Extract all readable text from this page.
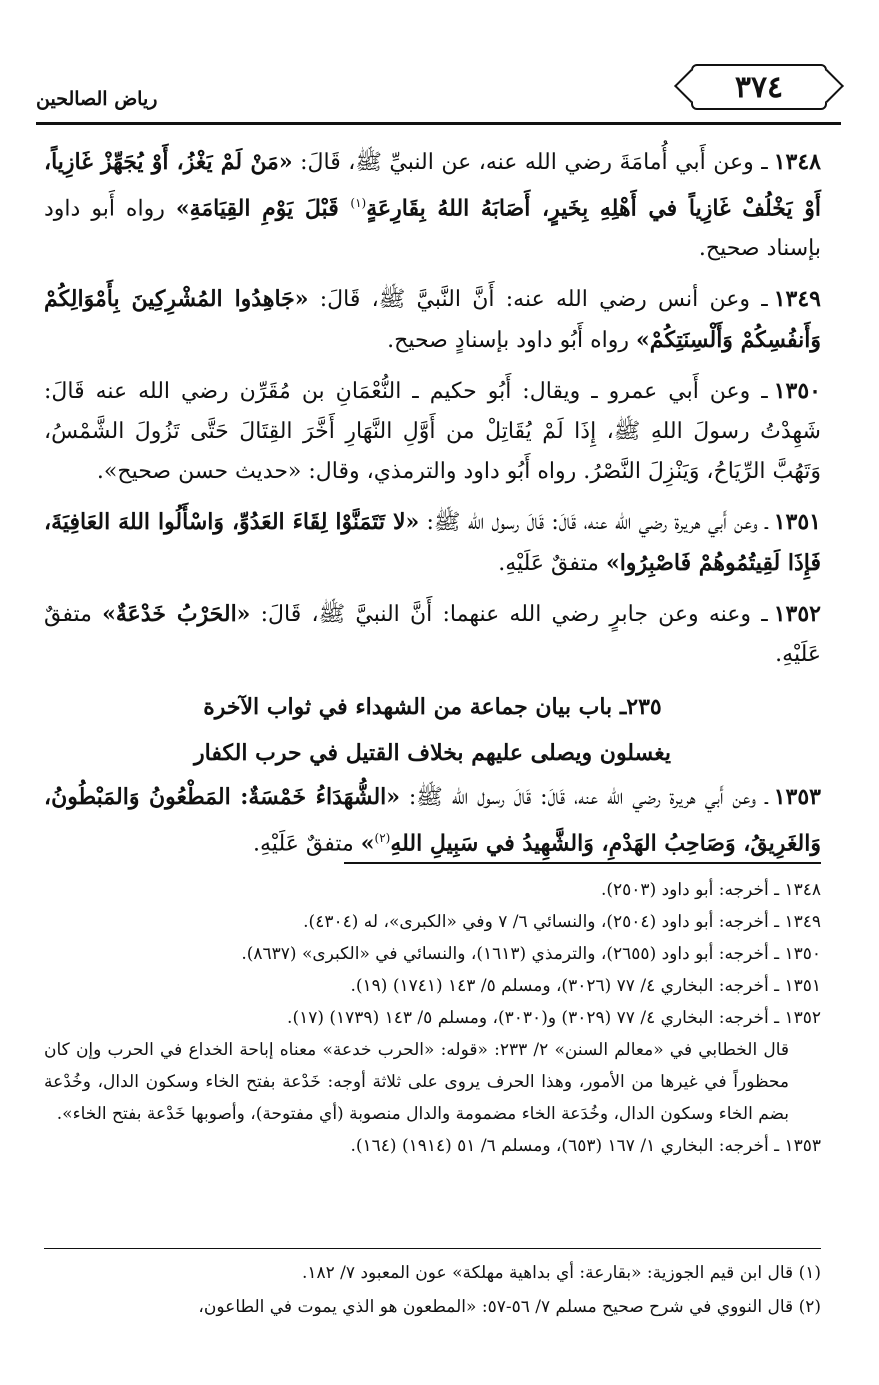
٣٧٤
رياض الصالحين

١٣٤٨ـ وعن أَبي أُمامَةَ رضي الله عنه، عن النبيِّ ﷺ، قَالَ: «مَنْ لَمْ يَغْزُ، أَوْ يُجَهِّزْ غَازِياً، أَوْ يَخْلُفْ غَازِياً في أَهْلِهِ بِخَيرٍ، أَصَابَهُ اللهُ بِقَارِعَةٍ$^{(١)}$ قَبْلَ يَوْمِ القِيَامَةِ» رواه أَبو داود بإسناد صحيح.

١٣٤٩ـ وعن أنس رضي الله عنه: أَنَّ النَّبيَّ ﷺ، قَالَ: «جَاهِدُوا المُشْرِكِينَ بِأَمْوَالِكُمْ وَأَنفُسِكُمْ وَأَلْسِنَتِكُمْ» رواه أَبُو داود بإسنادٍ صحيح.

١٣٥٠ـ وعن أَبي عمرو ـ ويقال: أَبُو حكيم ـ النُّعْمَانِ بن مُقَرِّن رضي الله عنه قَالَ: شَهِدْتُ رسولَ اللهِ ﷺ، إِذَا لَمْ يُقَاتِلْ من أَوَّلِ النَّهَارِ أَخَّرَ القِتَالَ حَتَّى تَزُولَ الشَّمْسُ، وَتَهُبَّ الرِّيَاحُ، وَيَنْزِلَ النَّصْرُ. رواه أَبُو داود والترمذي، وقال: «حديث حسن صحيح».

١٣٥١ـ وعن أَبي هريرة رضي الله عنه، قَالَ: قَالَ رسول الله ﷺ: «لا تَتَمَنَّوْا لِقَاءَ العَدُوِّ، وَاسْأَلُوا اللهَ العَافِيَةَ، فَإِذَا لَقِيتُمُوهُمْ فَاصْبِرُوا» متفقٌ عَلَيْهِ.

١٣٥٢ـ وعنه وعن جابرٍ رضي الله عنهما: أَنَّ النبيَّ ﷺ، قَالَ: «الحَرْبُ خَدْعَةٌ» متفقٌ عَلَيْهِ.

٢٣٥ـ باب بيان جماعة من الشهداء في ثواب الآخرة
يغسلون ويصلى عليهم بخلاف القتيل في حرب الكفار

١٣٥٣ـ وعن أَبي هريرة رضي الله عنه، قَالَ: قَالَ رسول الله ﷺ: «الشُّهَدَاءُ خَمْسَةٌ: المَطْعُونُ وَالمَبْطُونُ، وَالغَرِيقُ، وَصَاحِبُ الهَدْمِ، وَالشَّهِيدُ في سَبِيلِ اللهِ$^{(٢)}$» متفقٌ عَلَيْهِ.

١٣٤٨ ـ أخرجه: أبو داود (٢٥٠٣).

١٣٤٩ ـ أخرجه: أبو داود (٢٥٠٤)، والنسائي ٦/ ٧ وفي «الكبرى»، له (٤٣٠٤).

١٣٥٠ ـ أخرجه: أبو داود (٢٦٥٥)، والترمذي (١٦١٣)، والنسائي في «الكبرى» (٨٦٣٧).

١٣٥١ ـ أخرجه: البخاري ٤/ ٧٧ (٣٠٢٦)، ومسلم ٥/ ١٤٣ (١٧٤١) (١٩).

١٣٥٢ ـ أخرجه: البخاري ٤/ ٧٧ (٣٠٢٩) و(٣٠٣٠)، ومسلم ٥/ ١٤٣ (١٧٣٩) (١٧).

قال الخطابي في «معالم السنن» ٢/ ٢٣٣: «قوله: «الحرب خدعة» معناه إباحة الخداع في الحرب وإن كان محظوراً في غيرها من الأمور، وهذا الحرف يروى على ثلاثة أوجه: خَدْعة بفتح الخاء وسكون الدال، وخُدْعة بضم الخاء وسكون الدال، وخُدَعة الخاء مضمومة والدال منصوبة (أي مفتوحة)، وأصوبها خَدْعة بفتح الخاء».

١٣٥٣ ـ أخرجه: البخاري ١/ ١٦٧ (٦٥٣)، ومسلم ٦/ ٥١ (١٩١٤) (١٦٤).

(١) قال ابن قيم الجوزية: «بقارعة: أي بداهية مهلكة» عون المعبود ٧/ ١٨٢.

(٢) قال النووي في شرح صحيح مسلم ٧/ ٥٦-٥٧: «المطعون هو الذي يموت في الطاعون،
